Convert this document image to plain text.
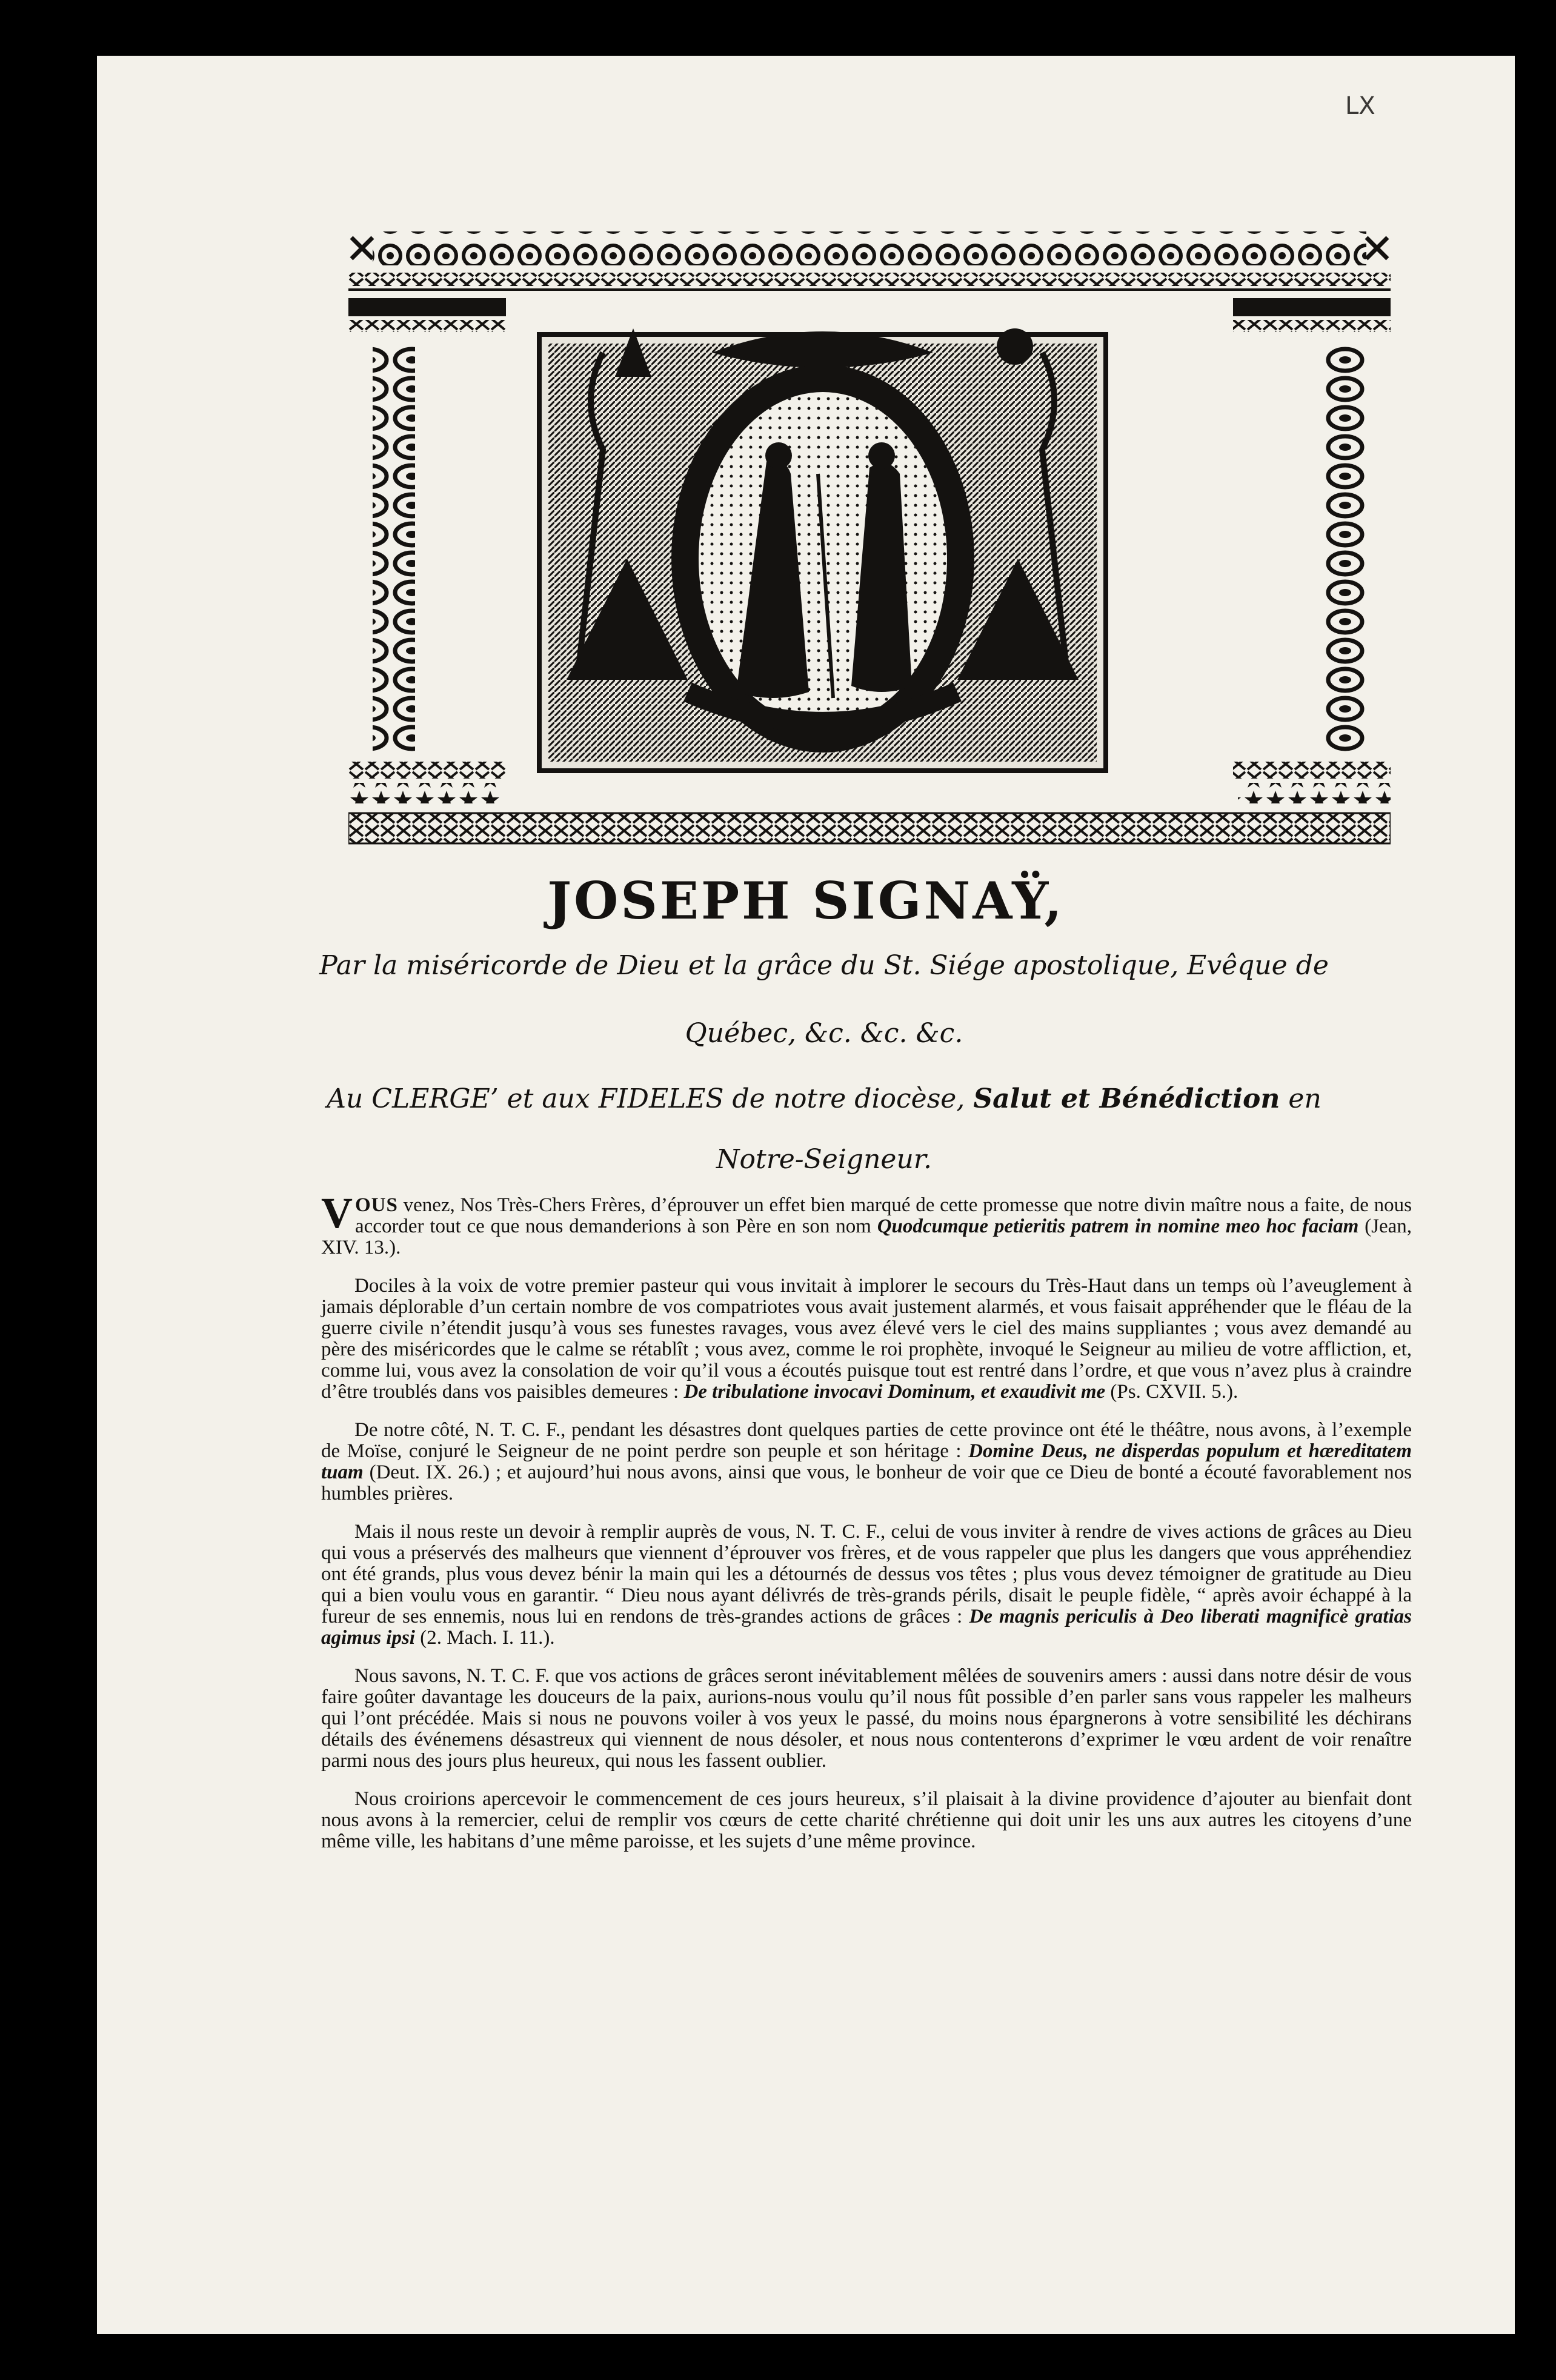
LX
JOSEPH SIGNAŸ,
Par la miséricorde de Dieu et la grâce du St. Siége apostolique, Evêque de
Québec, &c. &c. &c.
Au CLERGE’ et aux FIDELES de notre diocèse, Salut et Bénédiction en
Notre-Seigneur.

VOUS venez, Nos Très-Chers Frères, d’éprouver un effet bien marqué de cette promesse que notre divin maître nous a faite, de nous accorder tout ce que nous demanderions à son Père en son nom Quodcumque petieritis patrem in nomine meo hoc faciam (Jean, XIV. 13.).

Dociles à la voix de votre premier pasteur qui vous invitait à implorer le secours du Très-Haut dans un temps où l’aveuglement à jamais déplorable d’un certain nombre de vos compatriotes vous avait justement alarmés, et vous faisait appréhender que le fléau de la guerre civile n’étendit jusqu’à vous ses funestes ravages, vous avez élevé vers le ciel des mains suppliantes ; vous avez demandé au père des miséricordes que le calme se rétablît ; vous avez, comme le roi prophète, invoqué le Seigneur au milieu de votre affliction, et, comme lui, vous avez la consolation de voir qu’il vous a écoutés puisque tout est rentré dans l’ordre, et que vous n’avez plus à craindre d’être troublés dans vos paisibles demeures : De tribulatione invocavi Dominum, et exaudivit me (Ps. CXVII. 5.).

De notre côté, N. T. C. F., pendant les désastres dont quelques parties de cette province ont été le théâtre, nous avons, à l’exemple de Moïse, conjuré le Seigneur de ne point perdre son peuple et son héritage : Domine Deus, ne disperdas populum et hæreditatem tuam (Deut. IX. 26.) ; et aujourd’hui nous avons, ainsi que vous, le bonheur de voir que ce Dieu de bonté a écouté favorablement nos humbles prières.

Mais il nous reste un devoir à remplir auprès de vous, N. T. C. F., celui de vous inviter à rendre de vives actions de grâces au Dieu qui vous a préservés des malheurs que viennent d’éprouver vos frères, et de vous rappeler que plus les dangers que vous appréhendiez ont été grands, plus vous devez bénir la main qui les a détournés de dessus vos têtes ; plus vous devez témoigner de gratitude au Dieu qui a bien voulu vous en garantir. “ Dieu nous ayant délivrés de très-grands périls, disait le peuple fidèle, “ après avoir échappé à la fureur de ses ennemis, nous lui en rendons de très-grandes actions de grâces : De magnis periculis à Deo liberati magnificè gratias agimus ipsi (2. Mach. I. 11.).

Nous savons, N. T. C. F. que vos actions de grâces seront inévitablement mêlées de souvenirs amers : aussi dans notre désir de vous faire goûter davantage les douceurs de la paix, aurions-nous voulu qu’il nous fût possible d’en parler sans vous rappeler les malheurs qui l’ont précédée. Mais si nous ne pouvons voiler à vos yeux le passé, du moins nous épargnerons à votre sensibilité les déchirans détails des événemens désastreux qui viennent de nous désoler, et nous nous contenterons d’exprimer le vœu ardent de voir renaître parmi nous des jours plus heureux, qui nous les fassent oublier.

Nous croirions apercevoir le commencement de ces jours heureux, s’il plaisait à la divine providence d’ajouter au bienfait dont nous avons à la remercier, celui de remplir vos cœurs de cette charité chrétienne qui doit unir les uns aux autres les citoyens d’une même ville, les habitans d’une même paroisse, et les sujets d’une même province.
